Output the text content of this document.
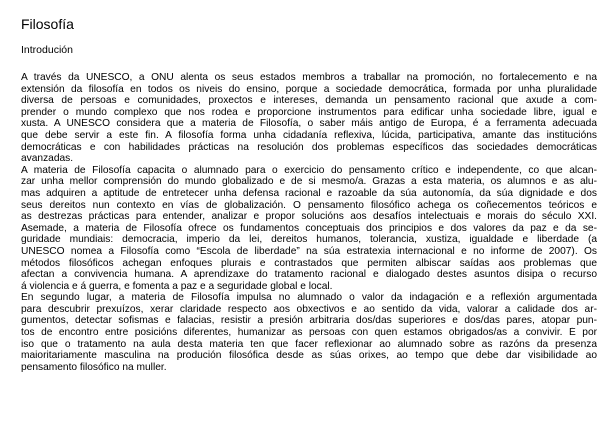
Filosofía
Introdución

A través da UNESCO, a ONU alenta os seus estados membros a traballar na promoción, no fortalecemento e na
extensión da filosofía en todos os niveis do ensino, porque a sociedade democrática, formada por unha pluralidade
diversa de persoas e comunidades, proxectos e intereses, demanda un pensamento racional que axude a com-
prender o mundo complexo que nos rodea e proporcione instrumentos para edificar unha sociedade libre, igual e
xusta. A UNESCO considera que a materia de Filosofía, o saber máis antigo de Europa, é a ferramenta adecuada
que debe servir a este fin. A filosofía forma unha cidadanía reflexiva, lúcida, participativa, amante das institucións
democráticas e con habilidades prácticas na resolución dos problemas específicos das sociedades democráticas
avanzadas.

A materia de Filosofía capacita o alumnado para o exercicio do pensamento crítico e independente, co que alcan-
zar unha mellor comprensión do mundo globalizado e de si mesmo/a. Grazas a esta materia, os alumnos e as alu-
mas adquiren a aptitude de entretecer unha defensa racional e razoable da súa autonomía, da súa dignidade e dos
seus dereitos nun contexto en vías de globalización. O pensamento filosófico achega os coñecementos teóricos e
as destrezas prácticas para entender, analizar e propor solucións aos desafíos intelectuais e morais do século XXI.
Asemade, a materia de Filosofía ofrece os fundamentos conceptuais dos principios e dos valores da paz e da se-
guridade mundiais: democracia, imperio da lei, dereitos humanos, tolerancia, xustiza, igualdade e liberdade (a
UNESCO nomea a Filosofía como “Escola de liberdade” na súa estratexia internacional e no informe de 2007). Os
métodos filosóficos achegan enfoques plurais e contrastados que permiten albiscar saídas aos problemas que
afectan a convivencia humana. A aprendizaxe do tratamento racional e dialogado destes asuntos disipa o recurso
á violencia e á guerra, e fomenta a paz e a seguridade global e local.

En segundo lugar, a materia de Filosofía impulsa no alumnado o valor da indagación e a reflexión argumentada
para descubrir prexuízos, xerar claridade respecto aos obxectivos e ao sentido da vida, valorar a calidade dos ar-
gumentos, detectar sofismas e falacias, resistir a presión arbitraria dos/das superiores e dos/das pares, atopar pun-
tos de encontro entre posicións diferentes, humanizar as persoas con quen estamos obrigados/as a convivir. É por
iso que o tratamento na aula desta materia ten que facer reflexionar ao alumnado sobre as razóns da presenza
maioritariamente masculina na produción filosófica desde as súas orixes, ao tempo que debe dar visibilidade ao
pensamento filosófico na muller.
